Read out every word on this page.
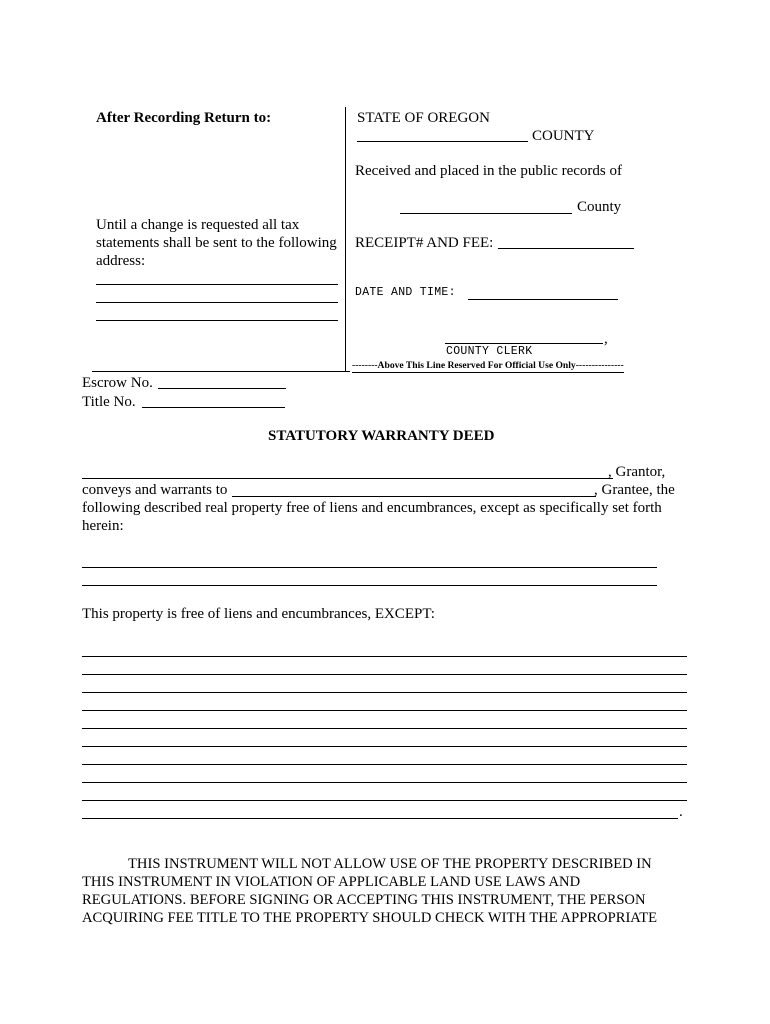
After Recording Return to:
Until a change is requested all tax
statements shall be sent to the following
address:
STATE OF OREGON
COUNTY
Received and placed in the public records of
County
RECEIPT# AND FEE:
DATE AND TIME:
,
COUNTY CLERK
--------Above This Line Reserved For Official Use Only---------------
Escrow No.
Title No.
STATUTORY WARRANTY DEED
, Grantor,
conveys and warrants to	, Grantee, the
following described real property free of liens and encumbrances, except as specifically set forth
herein:
This property is free of liens and encumbrances, EXCEPT:
.
THIS INSTRUMENT WILL NOT ALLOW USE OF THE PROPERTY DESCRIBED IN
THIS INSTRUMENT IN VIOLATION OF APPLICABLE LAND USE LAWS AND
REGULATIONS. BEFORE SIGNING OR ACCEPTING THIS INSTRUMENT, THE PERSON
ACQUIRING FEE TITLE TO THE PROPERTY SHOULD CHECK WITH THE APPROPRIATE
